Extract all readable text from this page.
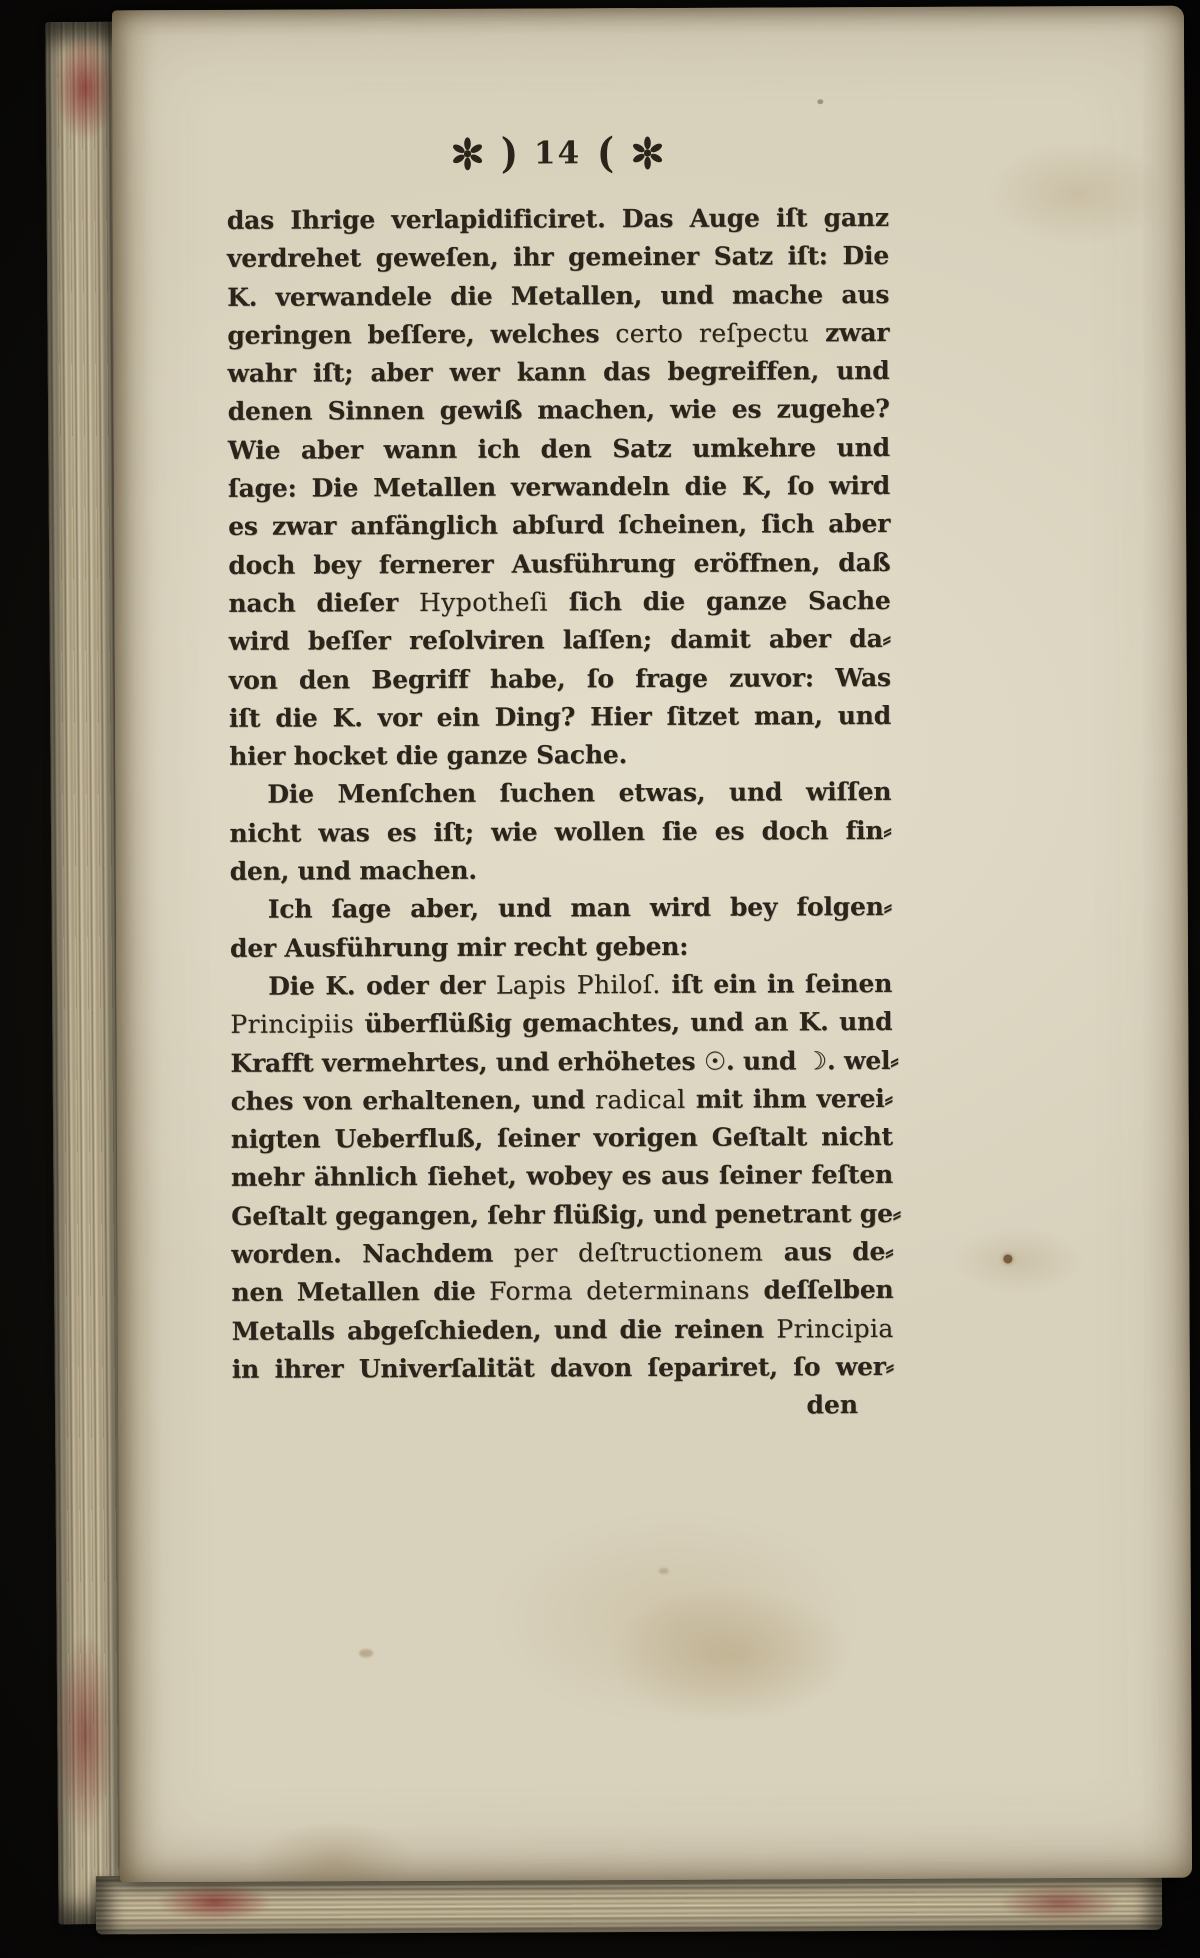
) 14 (
das Ihrige verlapidificiret. Das Auge iſt ganz
verdrehet geweſen, ihr gemeiner Satz iſt: Die
K. verwandele die Metallen, und mache aus
geringen beſſere, welches certo reſpectu zwar
wahr iſt; aber wer kann das begreiffen, und
denen Sinnen gewiß machen, wie es zugehe?
Wie aber wann ich den Satz umkehre und
ſage: Die Metallen verwandeln die K, ſo wird
es zwar anfänglich abſurd ſcheinen, ſich aber
doch bey fernerer Ausführung eröffnen, daß
nach dieſer Hypotheſi ſich die ganze Sache
wird beſſer reſolviren laſſen; damit aber da⸗
von den Begriff habe, ſo frage zuvor: Was
iſt die K. vor ein Ding? Hier ſitzet man, und
hier hocket die ganze Sache.
Die Menſchen ſuchen etwas, und wiſſen
nicht was es iſt; wie wollen ſie es doch fin⸗
den, und machen.
Ich ſage aber, und man wird bey folgen⸗
der Ausführung mir recht geben:
Die K. oder der Lapis Philoſ. iſt ein in ſeinen
Principiis überflüßig gemachtes, und an K. und
Krafft vermehrtes, und erhöhetes ☉. und ☽. wel⸗
ches von erhaltenen, und radical mit ihm verei⸗
nigten Ueberfluß, ſeiner vorigen Geſtalt nicht
mehr ähnlich ſiehet, wobey es aus ſeiner feſten
Geſtalt gegangen, ſehr flüßig, und penetrant ge⸗
worden. Nachdem per deſtructionem aus de⸗
nen Metallen die Forma determinans deſſelben
Metalls abgeſchieden, und die reinen Principia
in ihrer Univerſalität davon ſepariret, ſo wer⸗
den
